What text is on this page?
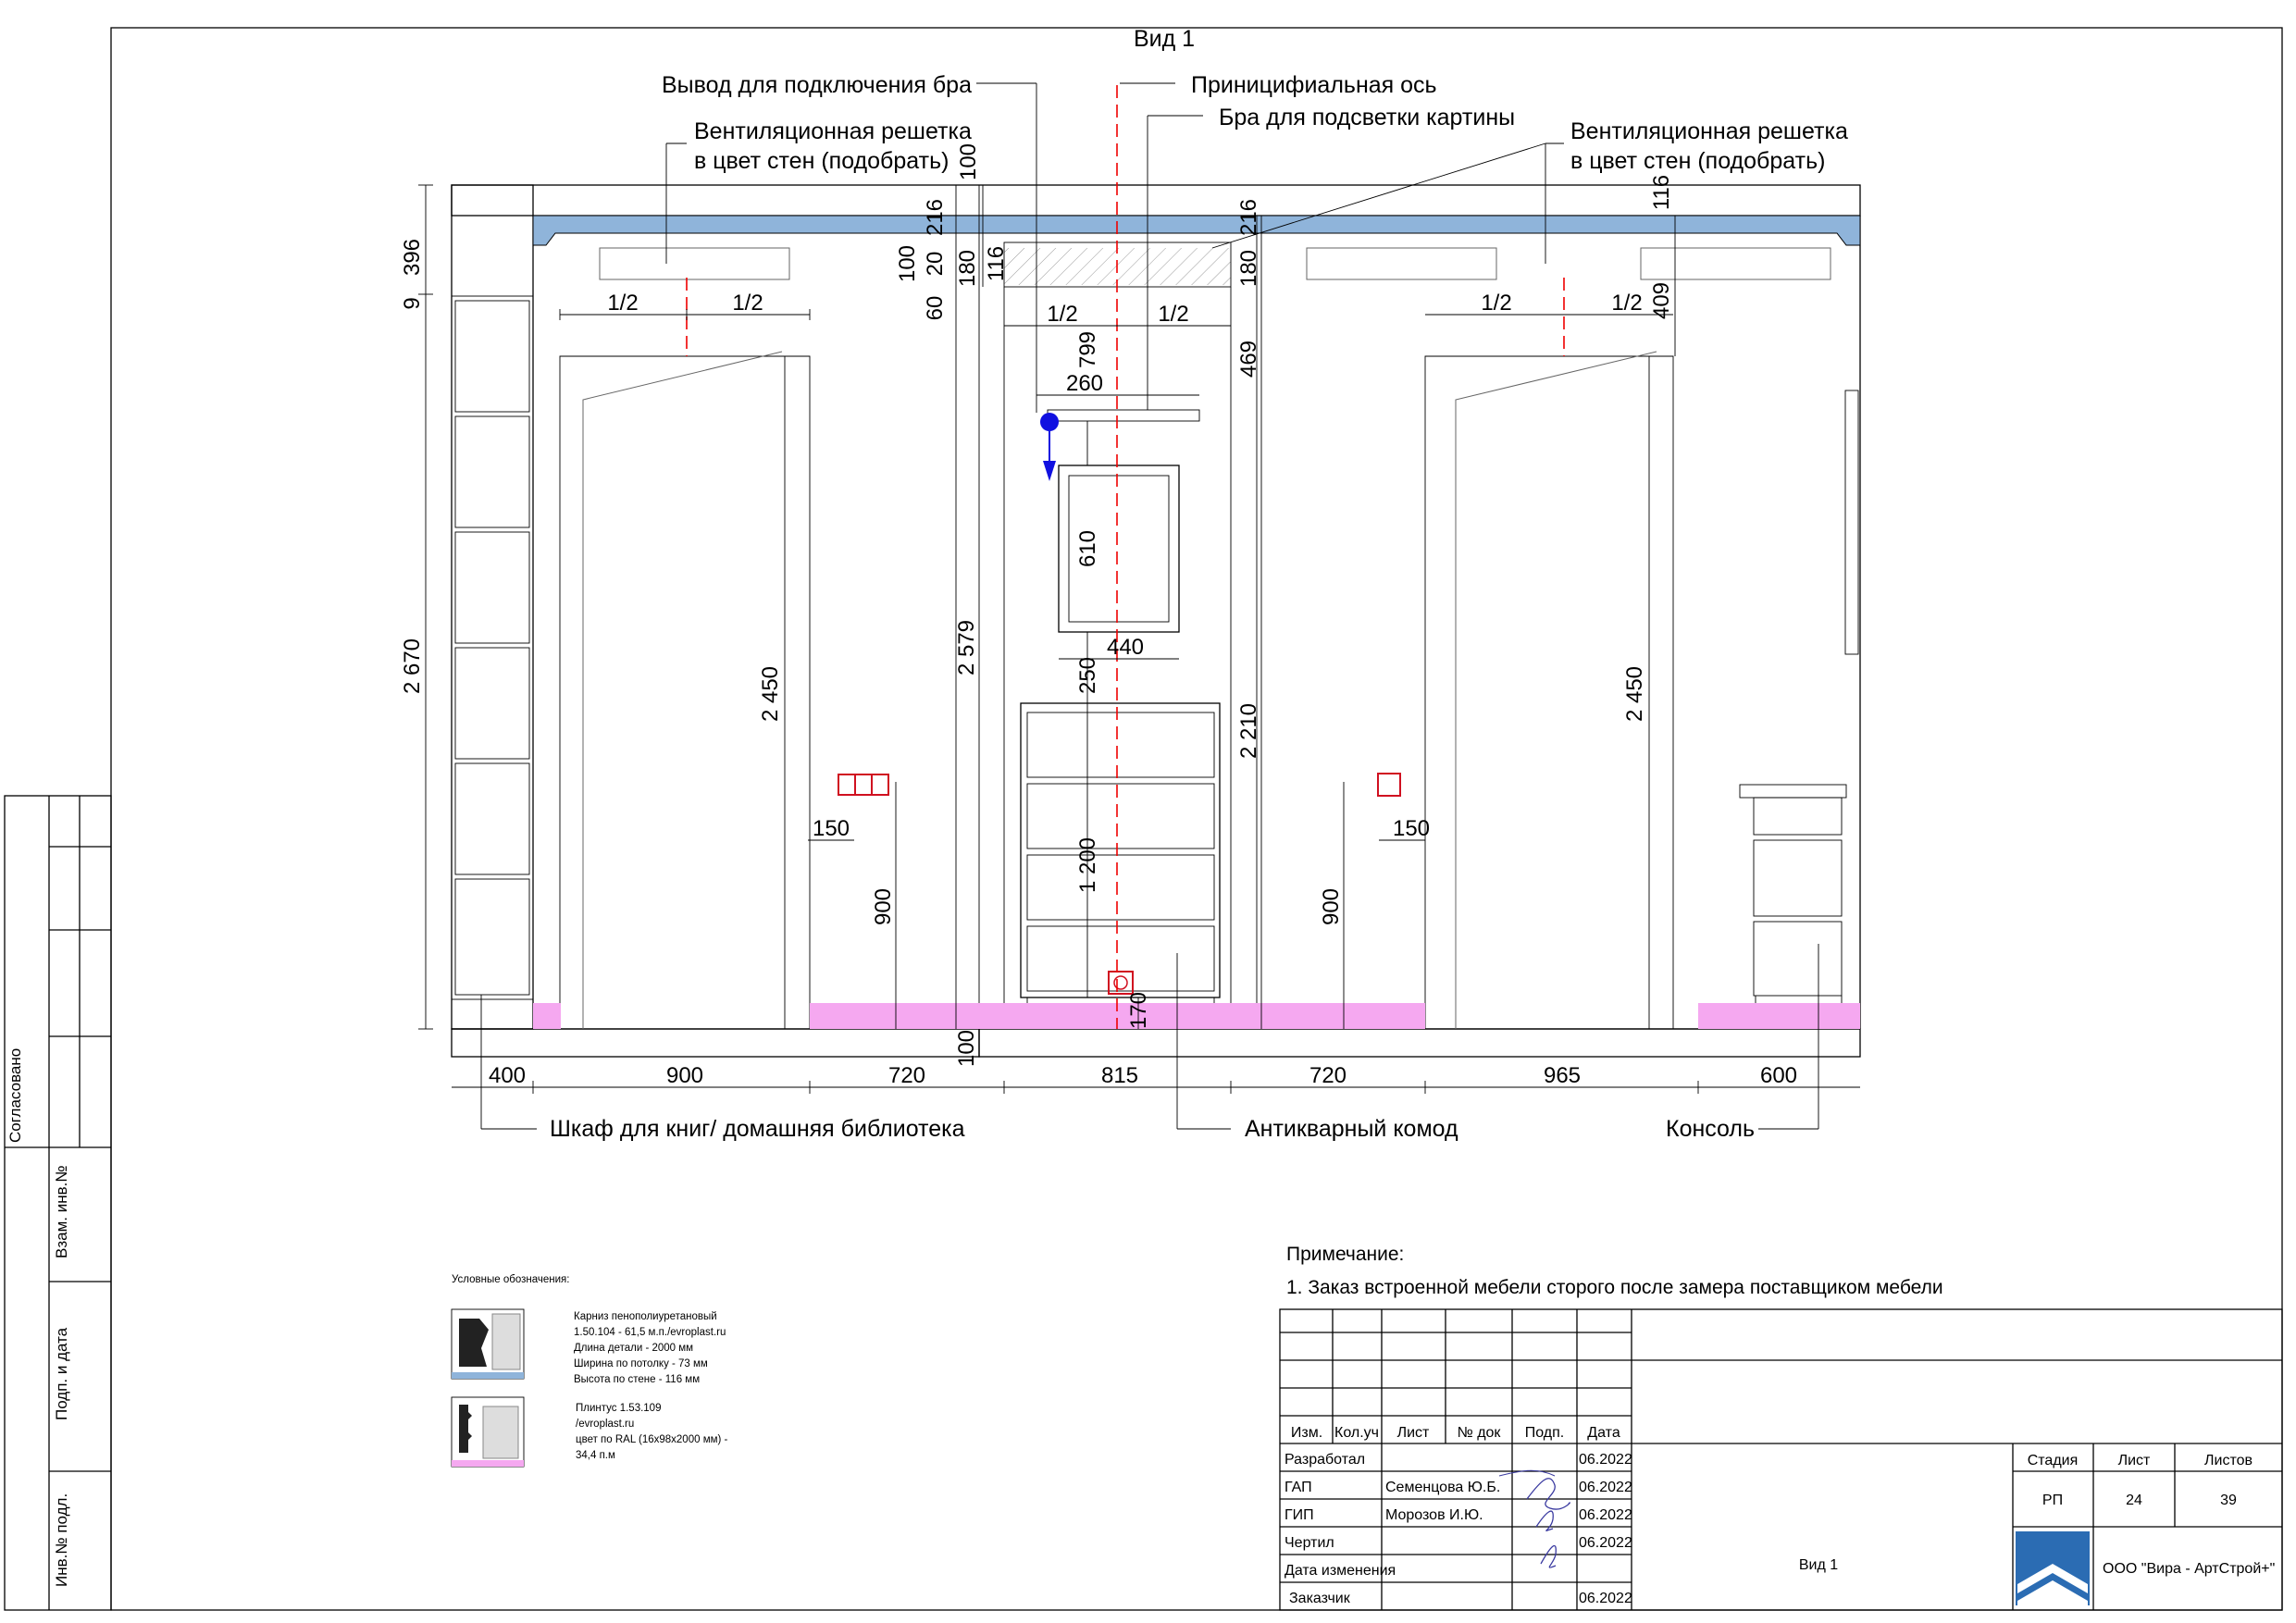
Согласовано
Взам. инв.№
Подп. и дата
Инв.№ подл.
Вид 1
Вывод для подключения бра	Приницифиальная ось
Бра для подсветки картины
Вентиляционная решетка
в цвет стен (подобрать)
Вентиляционная решетка
в цвет стен (подобрать)
Шкаф для книг/ домашняя библиотека	Антикварный комод	Консоль
396
9
2 670
100
216
100 20 180 116
60
216
180
116
409
799	469
610
250
2 579
2 210
2 450	2 450
900	900
1 200
170
100
1/2	1/2	1/2	1/2	1/2	1/2
260
440
150	150
400	900	720	815	720	965	600
Условные обозначения:
Карниз пенополиуретановый
1.50.104 - 61,5 м.п./evroplast.ru
Длина детали - 2000 мм
Ширина по потолку - 73 мм
Высота по стене - 116 мм
Плинтус 1.53.109
/evroplast.ru
цвет по RAL (16x98x2000 мм) -
34,4 п.м
Примечание:
1. Заказ встроенной мебели сторого после замера поставщиком мебели
Изм. Кол.уч Лист № док Подп. Дата
Разработал	06.2022
ГАП	Семенцова Ю.Б.	06.2022
ГИП	Морозов И.Ю.	06.2022
Чертил	06.2022
Дата изменения
Заказчик	06.2022
Вид 1
Стадия	Лист	Листов
РП	24	39
ООО "Вира - АртСтрой+"
